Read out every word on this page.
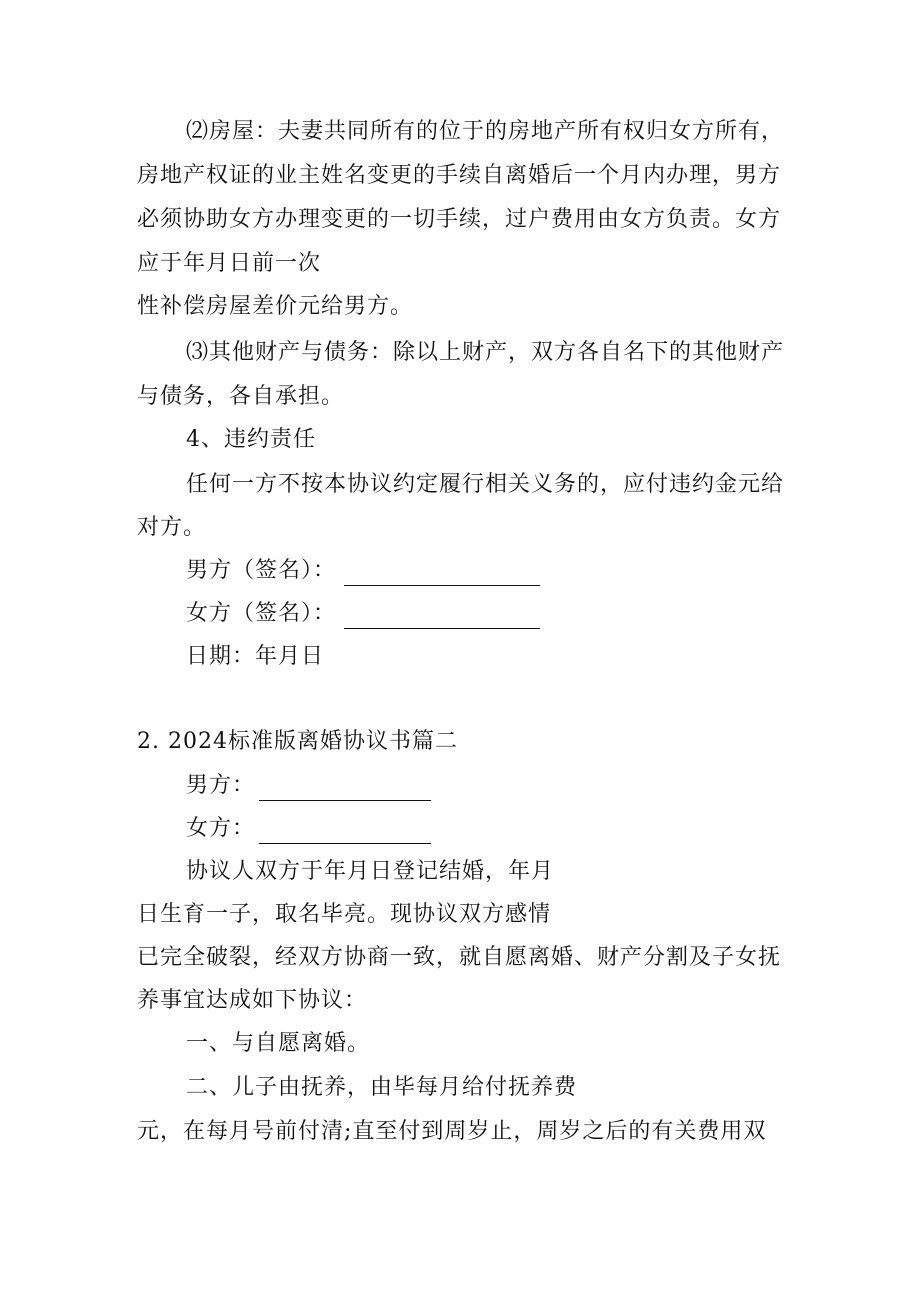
⑵房屋：夫妻共同所有的位于的房地产所有权归女方所有，
房地产权证的业主姓名变更的手续自离婚后一个月内办理，男方
必须协助女方办理变更的一切手续，过户费用由女方负责。女方
应于年月日前一次
性补偿房屋差价元给男方。
⑶其他财产与债务：除以上财产，双方各自名下的其他财产
与债务，各自承担。
4、违约责任
任何一方不按本协议约定履行相关义务的，应付违约金元给
对方。
男方（签名）：
女方（签名）：
日期：年月日
2. 2024标准版离婚协议书篇二
男方：
女方：
协议人双方于年月日登记结婚，年月
日生育一子，取名毕亮。现协议双方感情
已完全破裂，经双方协商一致，就自愿离婚、财产分割及子女抚
养事宜达成如下协议：
一、与自愿离婚。
二、儿子由抚养，由毕每月给付抚养费
元，在每月号前付清;直至付到周岁止，周岁之后的有关费用双
